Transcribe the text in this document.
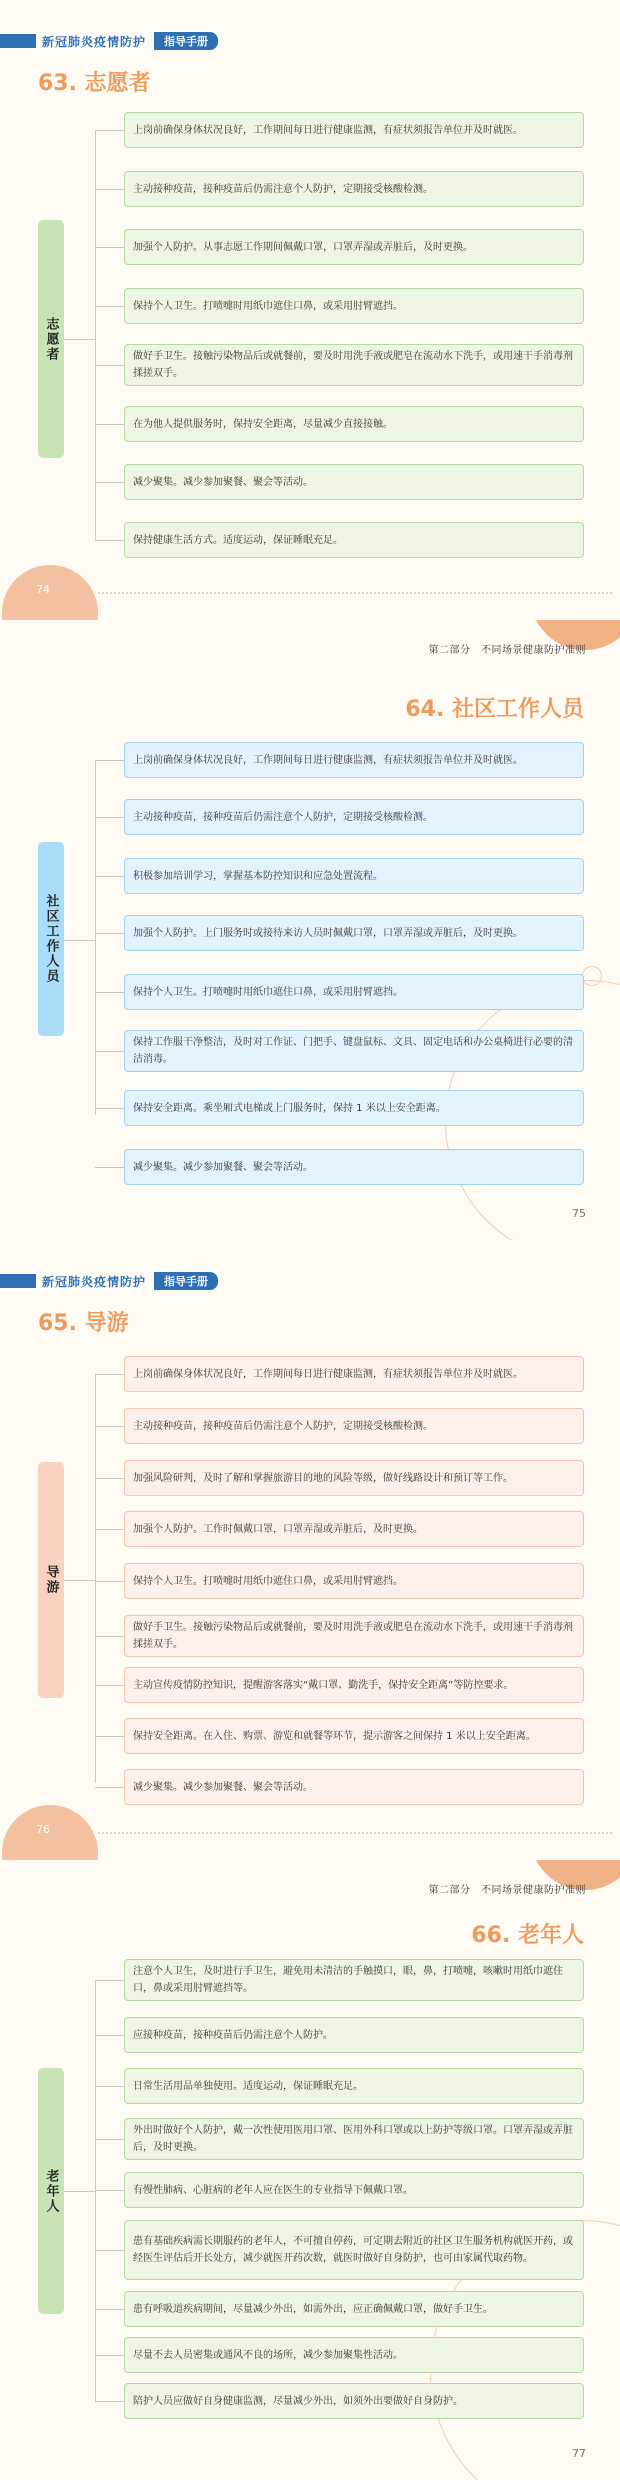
新冠肺炎疫情防护	指导手册
63. 志愿者
志愿者
上岗前确保身体状况良好，工作期间每日进行健康监测，有症状须报告单位并及时就医。
主动接种疫苗，接种疫苗后仍需注意个人防护，定期接受核酸检测。
加强个人防护。从事志愿工作期间佩戴口罩，口罩弄湿或弄脏后，及时更换。
保持个人卫生。打喷嚏时用纸巾遮住口鼻，或采用肘臂遮挡。
做好手卫生。接触污染物品后或就餐前，要及时用洗手液或肥皂在流动水下洗手，或用速干手消毒剂揉搓双手。
在为他人提供服务时，保持安全距离，尽量减少直接接触。
减少聚集。减少参加聚餐、聚会等活动。
保持健康生活方式。适度运动，保证睡眠充足。
74
第二部分　不同场景健康防护准则
64. 社区工作人员
社区工作人员
上岗前确保身体状况良好，工作期间每日进行健康监测，有症状须报告单位并及时就医。
主动接种疫苗，接种疫苗后仍需注意个人防护，定期接受核酸检测。
积极参加培训学习，掌握基本防控知识和应急处置流程。
加强个人防护。上门服务时或接待来访人员时佩戴口罩，口罩弄湿或弄脏后，及时更换。
保持个人卫生。打喷嚏时用纸巾遮住口鼻，或采用肘臂遮挡。
保持工作服干净整洁，及时对工作证、门把手、键盘鼠标、文具、固定电话和办公桌椅进行必要的清洁消毒。
保持安全距离。乘坐厢式电梯或上门服务时，保持 1 米以上安全距离。
减少聚集。减少参加聚餐、聚会等活动。
75
新冠肺炎疫情防护	指导手册
65. 导游
导游
上岗前确保身体状况良好，工作期间每日进行健康监测，有症状须报告单位并及时就医。
主动接种疫苗，接种疫苗后仍需注意个人防护，定期接受核酸检测。
加强风险研判，及时了解和掌握旅游目的地的风险等级，做好线路设计和预订等工作。
加强个人防护。工作时佩戴口罩，口罩弄湿或弄脏后，及时更换。
保持个人卫生。打喷嚏时用纸巾遮住口鼻，或采用肘臂遮挡。
做好手卫生。接触污染物品后或就餐前，要及时用洗手液或肥皂在流动水下洗手，或用速干手消毒剂揉搓双手。
主动宣传疫情防控知识，提醒游客落实“戴口罩、勤洗手，保持安全距离”等防控要求。
保持安全距离。在入住、购票、游览和就餐等环节，提示游客之间保持 1 米以上安全距离。
减少聚集。减少参加聚餐、聚会等活动。
76
第二部分　不同场景健康防护准则
66. 老年人
老年人
注意个人卫生，及时进行手卫生，避免用未清洁的手触摸口，眼，鼻，打喷嚏，咳嗽时用纸巾遮住口，鼻或采用肘臂遮挡等。
应接种疫苗，接种疫苗后仍需注意个人防护。
日常生活用品单独使用。适度运动，保证睡眠充足。
外出时做好个人防护，戴一次性使用医用口罩、医用外科口罩或以上防护等级口罩。口罩弄湿或弄脏后，及时更换。
有慢性肺病、心脏病的老年人应在医生的专业指导下佩戴口罩。
患有基础疾病需长期服药的老年人，不可擅自停药，可定期去附近的社区卫生服务机构就医开药，或经医生评估后开长处方，减少就医开药次数，就医时做好自身防护，也可由家属代取药物。
患有呼吸道疾病期间，尽量减少外出，如需外出，应正确佩戴口罩，做好手卫生。
尽量不去人员密集或通风不良的场所，减少参加聚集性活动。
陪护人员应做好自身健康监测，尽量减少外出，如须外出要做好自身防护。
77
